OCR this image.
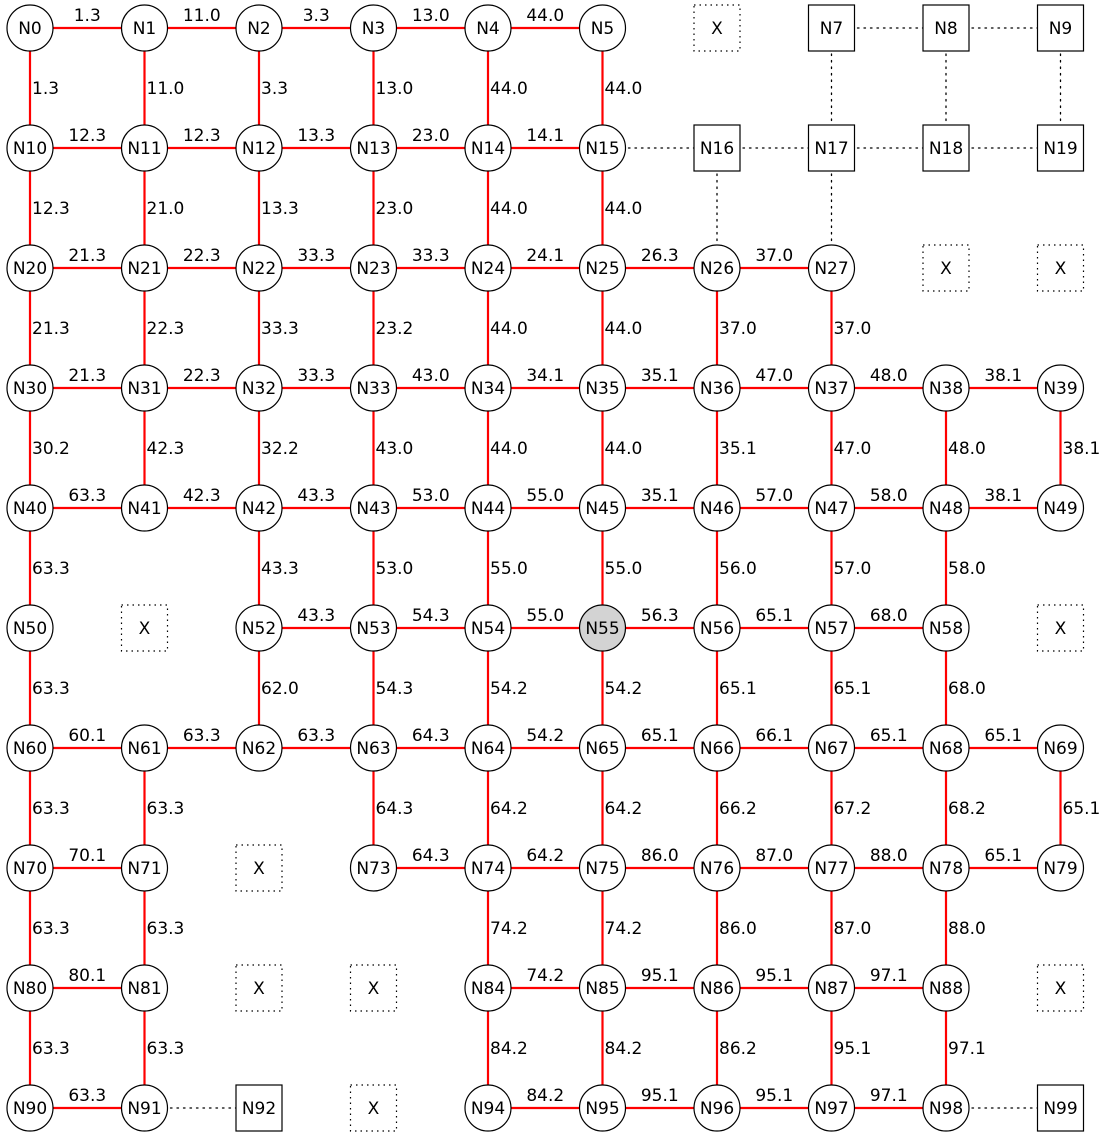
1.3	11.0	3.3	13.0	44.0
1.3	11.0	3.3	13.0	44.0	44.0
12.3	12.3	13.3	23.0	14.1
12.3	21.0	13.3	23.0	44.0	44.0
21.3	22.3	33.3	33.3	24.1	26.3	37.0
21.3	22.3	33.3	23.2	44.0	44.0	37.0	37.0
21.3	22.3	33.3	43.0	34.1	35.1	47.0	48.0	38.1
30.2	42.3	32.2	43.0	44.0	44.0	35.1	47.0	48.0	38.1
63.3	42.3	43.3	53.0	55.0	35.1	57.0	58.0	38.1
63.3	43.3	53.0	55.0	55.0	56.0	57.0	58.0
43.3	54.3	55.0	56.3	65.1	68.0
63.3	62.0	54.3	54.2	54.2	65.1	65.1	68.0
60.1	63.3	63.3	64.3	54.2	65.1	66.1	65.1	65.1
63.3	63.3	64.3	64.2	64.2	66.2	67.2	68.2	65.1
70.1	64.3	64.2	86.0	87.0	88.0	65.1
63.3	63.3	74.2	74.2	86.0	87.0	88.0
80.1	74.2	95.1	95.1	97.1
63.3	63.3	84.2	84.2	86.2	95.1	97.1
63.3	84.2	95.1	95.1	97.1
N0	N1	N2	N3	N4	N5	X	N7	N8	N9
N10	N11	N12	N13	N14	N15	N16	N17	N18	N19
N20	N21	N22	N23	N24	N25	N26	N27	X	X
N30	N31	N32	N33	N34	N35	N36	N37	N38	N39
N40	N41	N42	N43	N44	N45	N46	N47	N48	N49
N50	X	N52	N53	N54	N55	N56	N57	N58	X
N60	N61	N62	N63	N64	N65	N66	N67	N68	N69
N70	N71	X	N73	N74	N75	N76	N77	N78	N79
N80	N81	X	X	N84	N85	N86	N87	N88	X
N90	N91	N92	X	N94	N95	N96	N97	N98	N99
